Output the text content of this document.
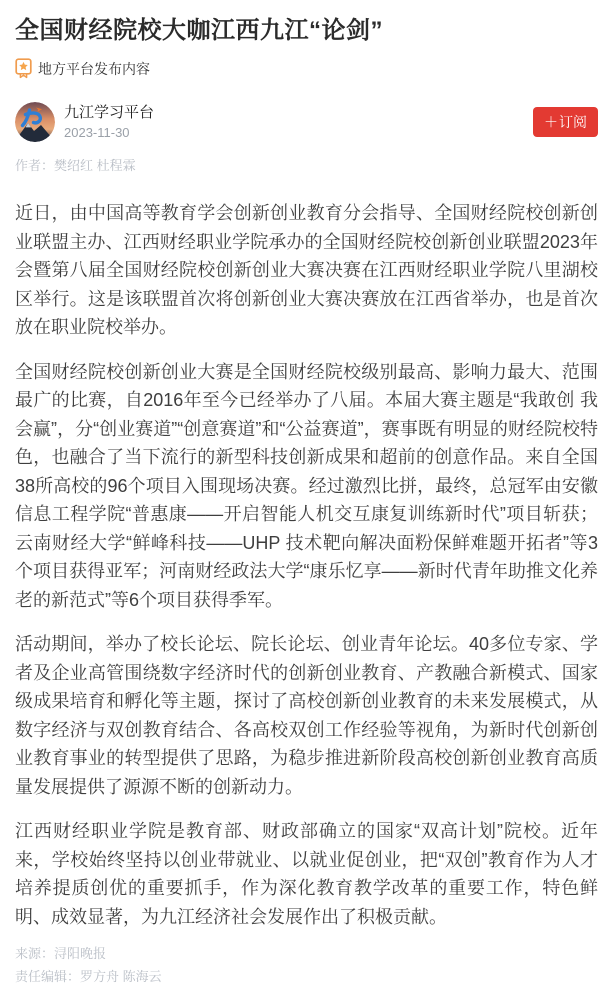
全国财经院校大咖江西九江“论剑”
地方平台发布内容
九江学习平台
2023-11-30
＋ 订阅
作者：樊绍红 杜程霖

近日，由中国高等教育学会创新创业教育分会指导、全国财经院校创新创业联盟主办、江西财经职业学院承办的全国财经院校创新创业联盟2023年会暨第八届全国财经院校创新创业大赛决赛在江西财经职业学院八里湖校区举行。这是该联盟首次将创新创业大赛决赛放在江西省举办，也是首次放在职业院校举办。

全国财经院校创新创业大赛是全国财经院校级别最高、影响力最大、范围最广的比赛，自2016年至今已经举办了八届。本届大赛主题是“我敢创 我会赢”，分“创业赛道”“创意赛道”和“公益赛道”，赛事既有明显的财经院校特色，也融合了当下流行的新型科技创新成果和超前的创意作品。来自全国38所高校的96个项目入围现场决赛。经过激烈比拼，最终，总冠军由安徽信息工程学院“普惠康——开启智能人机交互康复训练新时代”项目斩获；云南财经大学“鲜峰科技——UHP 技术靶向解决面粉保鲜难题开拓者”等3个项目获得亚军；河南财经政法大学“康乐忆享——新时代青年助推文化养老的新范式”等6个项目获得季军。

活动期间，举办了校长论坛、院长论坛、创业青年论坛。40多位专家、学者及企业高管围绕数字经济时代的创新创业教育、产教融合新模式、国家级成果培育和孵化等主题，探讨了高校创新创业教育的未来发展模式，从数字经济与双创教育结合、各高校双创工作经验等视角，为新时代创新创业教育事业的转型提供了思路，为稳步推进新阶段高校创新创业教育高质量发展提供了源源不断的创新动力。

江西财经职业学院是教育部、财政部确立的国家“双高计划”院校。近年来，学校始终坚持以创业带就业、以就业促创业，把“双创”教育作为人才培养提质创优的重要抓手，作为深化教育教学改革的重要工作，特色鲜明、成效显著，为九江经济社会发展作出了积极贡献。

来源：浔阳晚报
责任编辑：罗方舟 陈海云
